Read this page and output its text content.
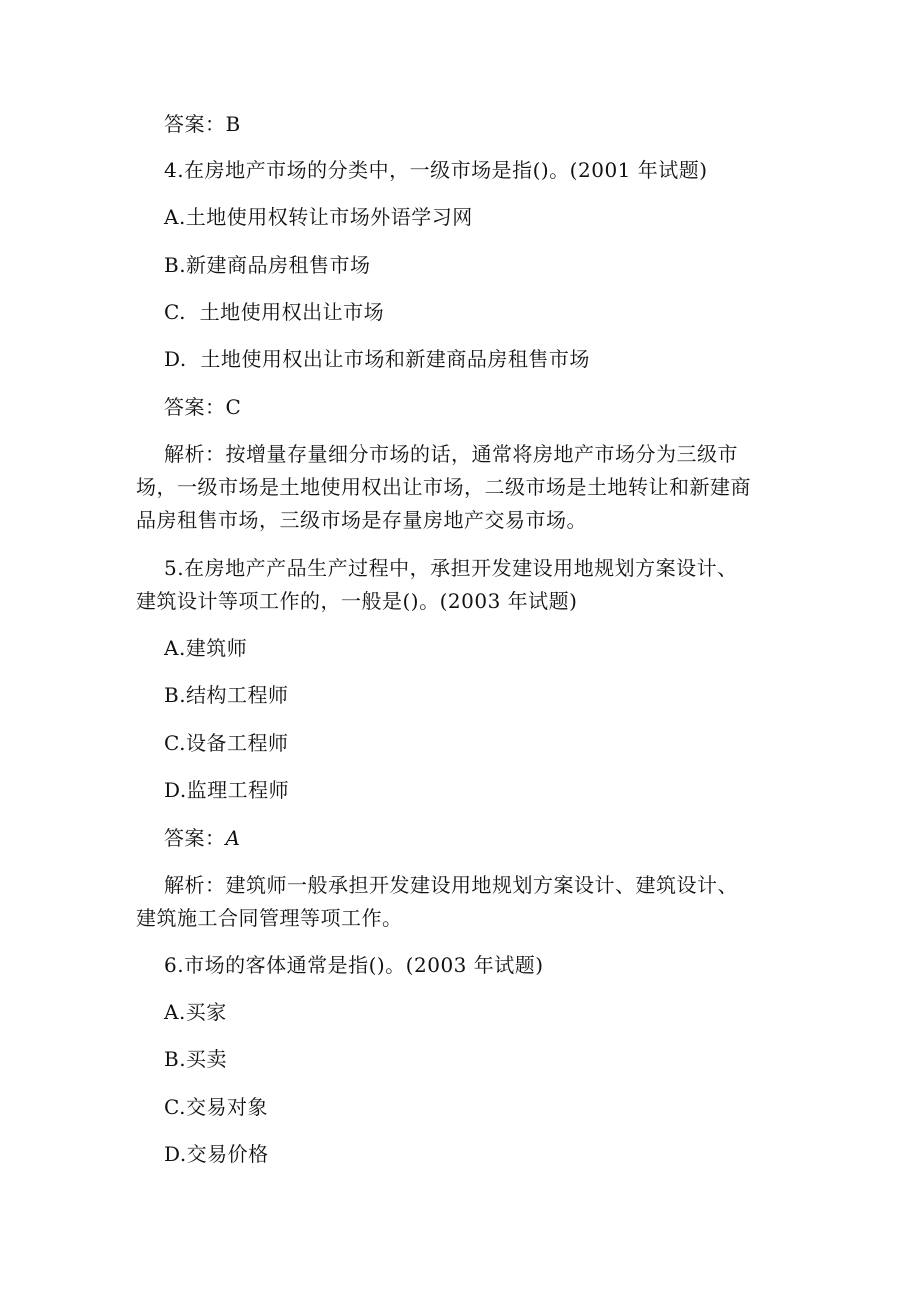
答案：B
4.在房地产市场的分类中，一级市场是指()。(2001 年试题)
A.土地使用权转让市场外语学习网
B.新建商品房租售市场
C.  土地使用权出让市场
D.  土地使用权出让市场和新建商品房租售市场
答案：C
解析：按增量存量细分市场的话，通常将房地产市场分为三级市
场，一级市场是土地使用权出让市场，二级市场是土地转让和新建商
品房租售市场，三级市场是存量房地产交易市场。
5.在房地产产品生产过程中，承担开发建设用地规划方案设计、
建筑设计等项工作的，一般是()。(2003 年试题)
A.建筑师
B.结构工程师
C.设备工程师
D.监理工程师
答案：A
解析：建筑师一般承担开发建设用地规划方案设计、建筑设计、
建筑施工合同管理等项工作。
6.市场的客体通常是指()。(2003 年试题)
A.买家
B.买卖
C.交易对象
D.交易价格
